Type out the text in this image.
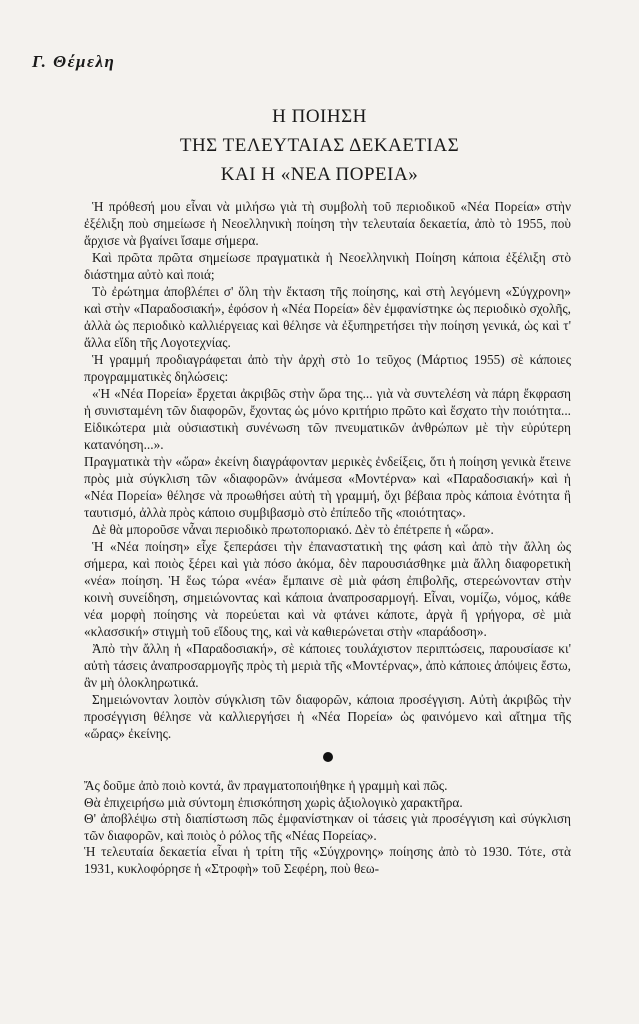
Γ. Θέμελη
Η ΠΟΙΗΣΗ
ΤΗΣ ΤΕΛΕΥΤΑΙΑΣ ΔΕΚΑΕΤΙΑΣ
ΚΑΙ Η «ΝΕΑ ΠΟΡΕΙΑ»

Ἡ πρόθεσή μου εἶναι νὰ μιλήσω γιὰ τὴ συμβολὴ τοῦ περιοδικοῦ «Νέα Πορεία» στὴν ἐξέλιξη ποὺ σημείωσε ἡ Νεοελληνικὴ ποίηση τὴν τελευταία δεκαετία, ἀπὸ τὸ 1955, ποὺ ἄρχισε νὰ βγαίνει ἴσαμε σήμερα.

Καὶ πρῶτα πρῶτα σημείωσε πραγματικὰ ἡ Νεοελληνικὴ Ποίηση κάποια ἐξέλιξη στὸ διάστημα αὐτὸ καὶ ποιά;

Τὸ ἐρώτημα ἀποβλέπει σ' ὅλη τὴν ἔκταση τῆς ποίησης, καὶ στὴ λεγόμενη «Σύγχρονη» καὶ στὴν «Παραδοσιακή», ἐφόσον ἡ «Νέα Πορεία» δὲν ἐμφανίστηκε ὡς περιοδικὸ σχολῆς, ἀλλὰ ὡς περιοδικὸ καλλιέργειας καὶ θέλησε νὰ ἐξυπηρετήσει τὴν ποίηση γενικά, ὡς καὶ τ' ἄλλα εἴδη τῆς Λογοτεχνίας.

Ἡ γραμμή προδιαγράφεται ἀπὸ τὴν ἀρχὴ στὸ 1ο τεῦχος (Μάρτιος 1955) σὲ κάποιες προγραμματικὲς δηλώσεις:

«Ἡ «Νέα Πορεία» ἔρχεται ἀκριβῶς στὴν ὥρα της... γιὰ νὰ συντελέση νὰ πάρη ἔκφραση ἡ συνισταμένη τῶν διαφορῶν, ἔχοντας ὡς μόνο κριτήριο πρῶτο καὶ ἔσχατο τὴν ποιότητα... Εἰδικώτερα μιὰ οὐσιαστικὴ συνένωση τῶν πνευματικῶν ἀνθρώπων μὲ τὴν εὐρύτερη κατανόηση...».

Πραγματικὰ τὴν «ὥρα» ἐκείνη διαγράφονταν μερικὲς ἐνδείξεις, ὅτι ἡ ποίηση γενικὰ ἔτεινε πρὸς μιὰ σύγκλιση τῶν «διαφορῶν» ἀνάμεσα «Μοντέρνα» καὶ «Παραδοσιακή» καὶ ἡ «Νέα Πορεία» θέλησε νὰ προωθήσει αὐτὴ τὴ γραμμή, ὄχι βέβαια πρὸς κάποια ἑνότητα ἢ ταυτισμό, ἀλλὰ πρὸς κάποιο συμβιβασμὸ στὸ ἐπίπεδο τῆς «ποιότητας».

Δὲ θὰ μποροῦσε νἆναι περιοδικὸ πρωτοποριακό. Δὲν τὸ ἐπέτρεπε ἡ «ὥρα».

Ἡ «Νέα ποίηση» εἶχε ξεπεράσει τὴν ἐπαναστατικὴ της φάση καὶ ἀπὸ τὴν ἄλλη ὡς σήμερα, καὶ ποιὸς ξέρει καὶ γιὰ πόσο ἀκόμα, δὲν παρουσιάσθηκε μιὰ ἄλλη διαφορετικὴ «νέα» ποίηση. Ἡ ἕως τώρα «νέα» ἔμπαινε σὲ μιὰ φάση ἐπιβολῆς, στερεώνονταν στὴν κοινὴ συνείδηση, σημειώνοντας καὶ κάποια ἀναπροσαρμογή. Εἶναι, νομίζω, νόμος, κάθε νέα μορφὴ ποίησης νὰ πορεύεται καὶ νὰ φτάνει κάποτε, ἀργὰ ἢ γρήγορα, σὲ μιὰ «κλασσική» στιγμὴ τοῦ εἴδους της, καὶ νὰ καθιερώνεται στὴν «παράδοση».

Ἀπὸ τὴν ἄλλη ἡ «Παραδοσιακή», σὲ κάποιες τουλάχιστον περιπτώσεις, παρουσίασε κι' αὐτὴ τάσεις ἀναπροσαρμογῆς πρὸς τὴ μεριὰ τῆς «Μοντέρνας», ἀπὸ κάποιες ἀπόψεις ἔστω, ἂν μὴ ὁλοκληρωτικά.

Σημειώνονταν λοιπὸν σύγκλιση τῶν διαφορῶν, κάποια προσέγγιση. Αὐτὴ ἀκριβῶς τὴν προσέγγιση θέλησε νὰ καλλιεργήσει ἡ «Νέα Πορεία» ὡς φαινόμενο καὶ αἴτημα τῆς «ὥρας» ἐκείνης.

Ἄς δοῦμε ἀπὸ ποιὸ κοντά, ἂν πραγματοποιήθηκε ἡ γραμμὴ καὶ πῶς.

Θὰ ἐπιχειρήσω μιὰ σύντομη ἐπισκόπηση χωρὶς ἀξιολογικὸ χαρακτῆρα.

Θ' ἀποβλέψω στὴ διαπίστωση πῶς ἐμφανίστηκαν οἱ τάσεις γιὰ προσέγγιση καὶ σύγκλιση τῶν διαφορῶν, καὶ ποιὸς ὁ ρόλος τῆς «Νέας Πορείας».

Ἡ τελευταία δεκαετία εἶναι ἡ τρίτη τῆς «Σύγχρονης» ποίησης ἀπὸ τὸ 1930. Τότε, στὰ 1931, κυκλοφόρησε ἡ «Στροφὴ» τοῦ Σεφέρη, ποὺ θεω-
